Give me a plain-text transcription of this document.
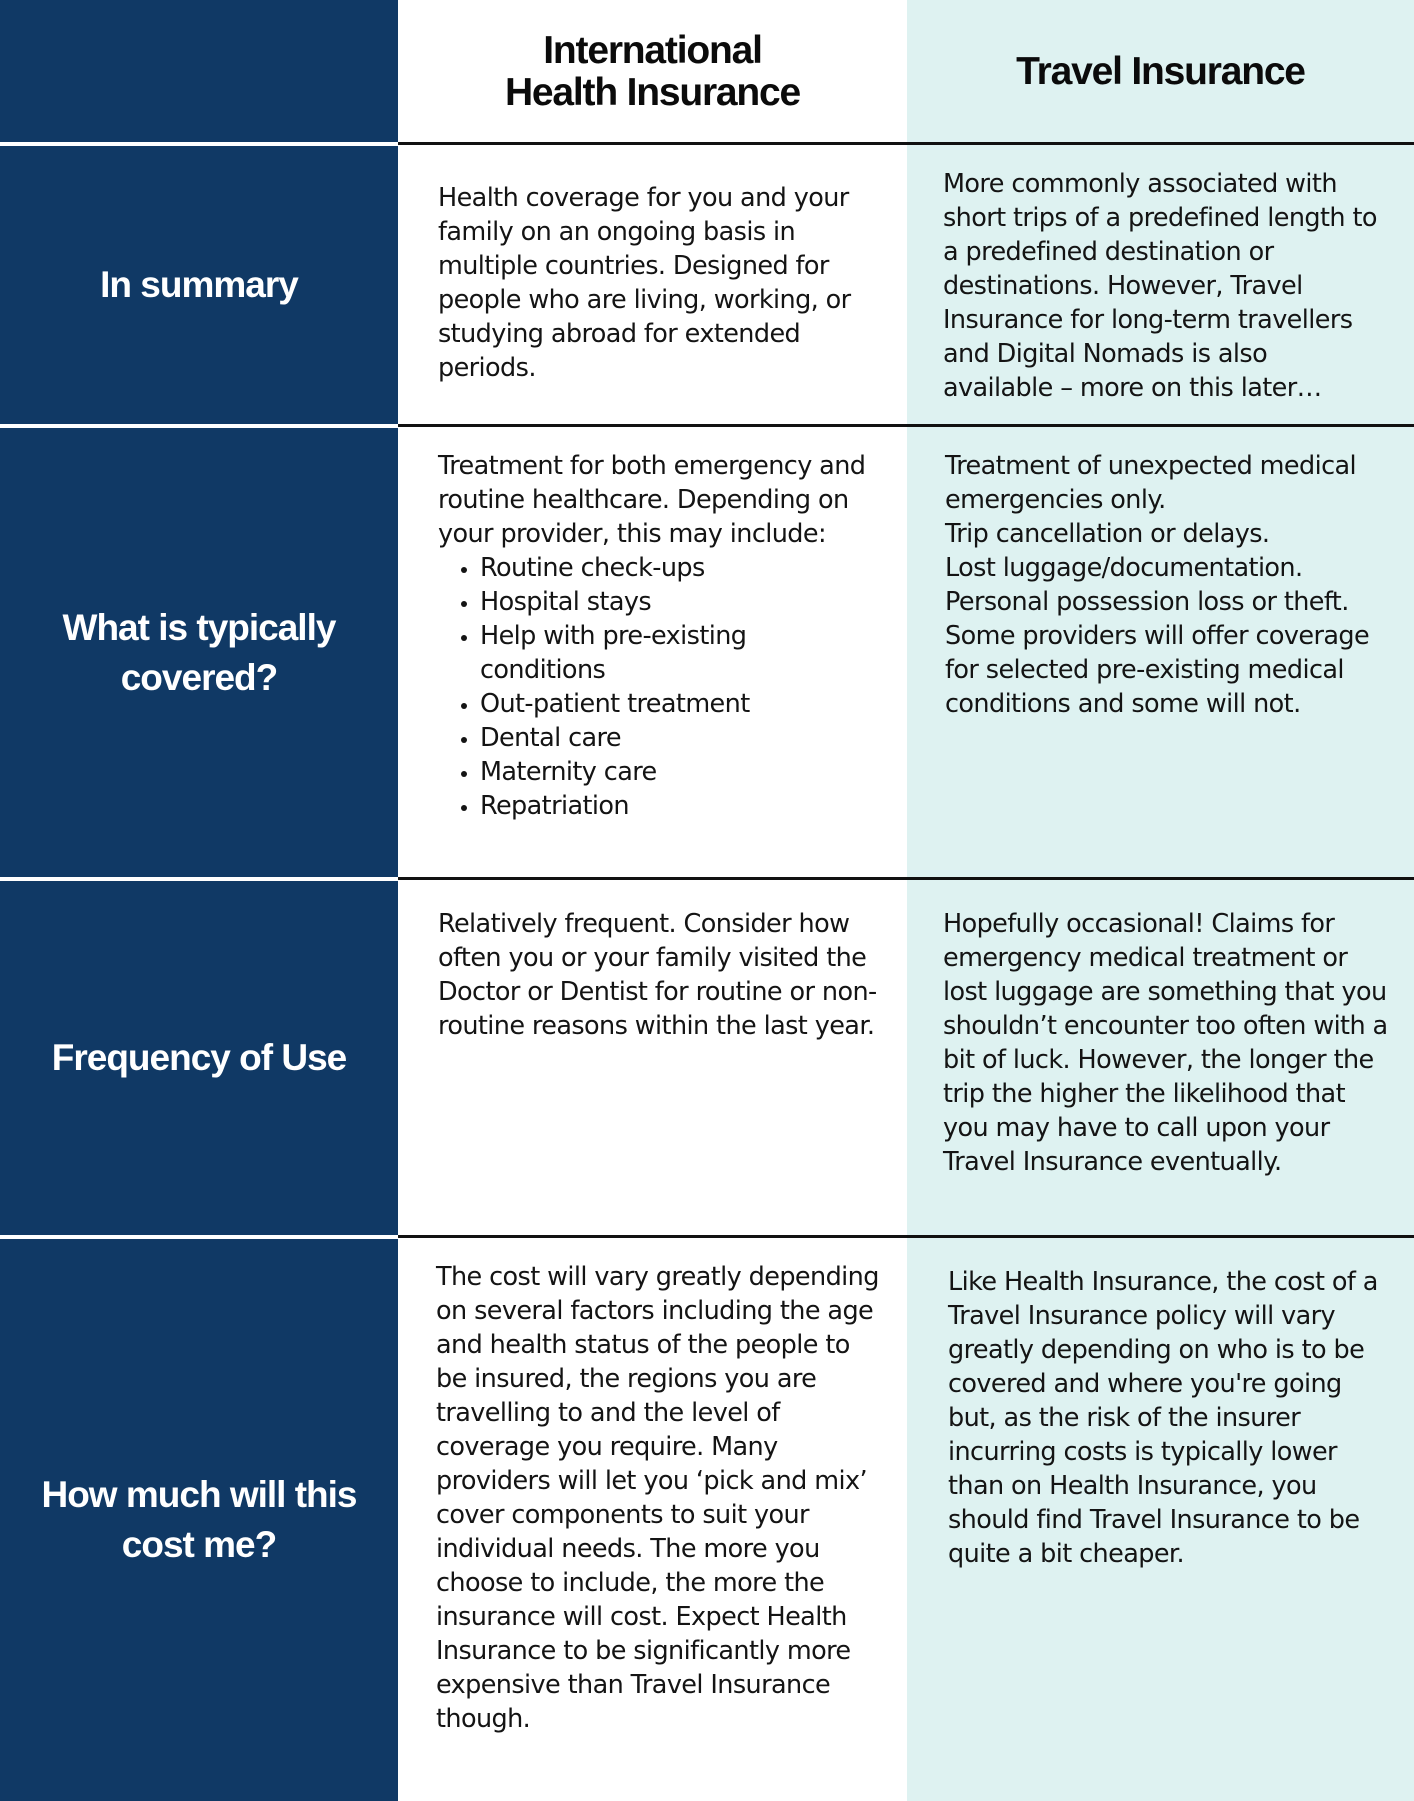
International
Health Insurance	Travel Insurance
In summary

Health coverage for you and your family on an ongoing basis in multiple countries. Designed for people who are living, working, or studying abroad for extended periods.

More commonly associated with short trips of a predefined length to a predefined destination or destinations. However, Travel Insurance for long-term travellers and Digital Nomads is also available – more on this later…

What is typically covered?

Treatment for both emergency and routine healthcare. Depending on your provider, this may include:

• Routine check-ups
• Hospital stays
• Help with pre-existing conditions
• Out-patient treatment
• Dental care
• Maternity care
• Repatriation

Treatment of unexpected medical emergencies only.

Trip cancellation or delays.

Lost luggage/documentation.

Personal possession loss or theft.

Some providers will offer coverage for selected pre-existing medical conditions and some will not.

Frequency of Use

Relatively frequent. Consider how often you or your family visited the Doctor or Dentist for routine or non-routine reasons within the last year.

Hopefully occasional! Claims for emergency medical treatment or lost luggage are something that you shouldn’t encounter too often with a bit of luck. However, the longer the trip the higher the likelihood that you may have to call upon your Travel Insurance eventually.

How much will this cost me?

The cost will vary greatly depending on several factors including the age and health status of the people to be insured, the regions you are travelling to and the level of coverage you require. Many providers will let you ‘pick and mix’ cover components to suit your individual needs. The more you choose to include, the more the insurance will cost. Expect Health Insurance to be significantly more expensive than Travel Insurance though.

Like Health Insurance, the cost of a Travel Insurance policy will vary greatly depending on who is to be covered and where you're going but, as the risk of the insurer incurring costs is typically lower than on Health Insurance, you should find Travel Insurance to be quite a bit cheaper.
